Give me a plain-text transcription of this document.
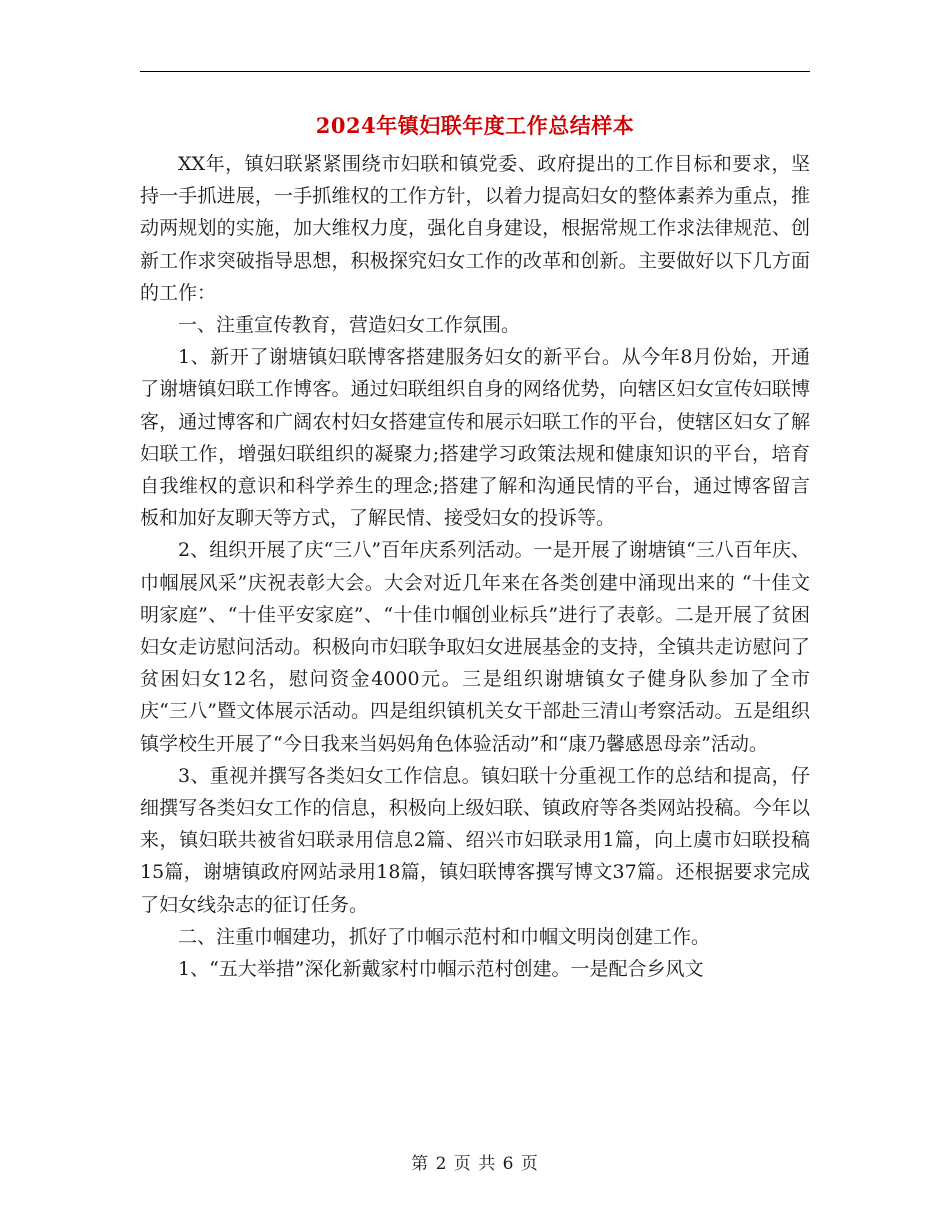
2024年镇妇联年度工作总结样本

XX年，镇妇联紧紧围绕市妇联和镇党委、政府提出的工作目标和要求，坚持一手抓进展，一手抓维权的工作方针，以着力提高妇女的整体素养为重点，推动两规划的实施，加大维权力度，强化自身建设，根据常规工作求法律规范、创新工作求突破指导思想，积极探究妇女工作的改革和创新。主要做好以下几方面的工作：

一、注重宣传教育，营造妇女工作氛围。

1、新开了谢塘镇妇联博客搭建服务妇女的新平台。从今年8月份始，开通了谢塘镇妇联工作博客。通过妇联组织自身的网络优势，向辖区妇女宣传妇联博客，通过博客和广阔农村妇女搭建宣传和展示妇联工作的平台，使辖区妇女了解妇联工作，增强妇联组织的凝聚力;搭建学习政策法规和健康知识的平台，培育自我维权的意识和科学养生的理念;搭建了解和沟通民情的平台，通过博客留言板和加好友聊天等方式，了解民情、接受妇女的投诉等。

2、组织开展了庆“三八”百年庆系列活动。一是开展了谢塘镇“三八百年庆、巾帼展风采”庆祝表彰大会。大会对近几年来在各类创建中涌现出来的 “十佳文明家庭”、“十佳平安家庭”、“十佳巾帼创业标兵”进行了表彰。二是开展了贫困妇女走访慰问活动。积极向市妇联争取妇女进展基金的支持，全镇共走访慰问了贫困妇女12名，慰问资金4000元。三是组织谢塘镇女子健身队参加了全市庆“三八”暨文体展示活动。四是组织镇机关女干部赴三清山考察活动。五是组织镇学校生开展了“今日我来当妈妈角色体验活动”和“康乃馨感恩母亲”活动。

3、重视并撰写各类妇女工作信息。镇妇联十分重视工作的总结和提高，仔细撰写各类妇女工作的信息，积极向上级妇联、镇政府等各类网站投稿。今年以来，镇妇联共被省妇联录用信息2篇、绍兴市妇联录用1篇，向上虞市妇联投稿15篇，谢塘镇政府网站录用18篇，镇妇联博客撰写博文37篇。还根据要求完成了妇女线杂志的征订任务。

二、注重巾帼建功，抓好了巾帼示范村和巾帼文明岗创建工作。

1、“五大举措”深化新戴家村巾帼示范村创建。一是配合乡风文

第 2 页 共 6 页
